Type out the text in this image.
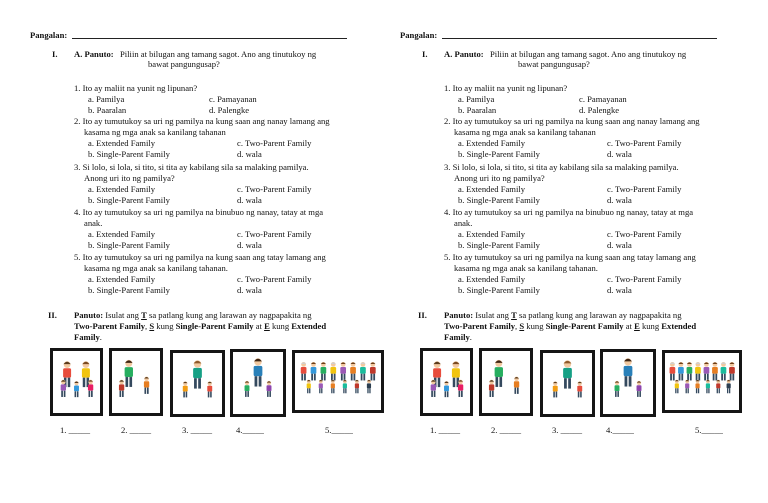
Pangalan:
I. A. Panuto: Piliin at bilugan ang tamang sagot. Ano ang tinutukoy ng
bawat pangungusap?
1. Ito ay maliit na yunit ng lipunan?
a. Pamilya	c. Pamayanan
b. Paaralan	d. Palengke
2. Ito ay tumutukoy sa uri ng pamilya na kung saan ang nanay lamang ang
kasama ng mga anak sa kanilang tahanan
a. Extended Family	c. Two-Parent Family
b. Single-Parent Family	d. wala
3. Si lolo, si lola, si tito, si tita ay kabilang sila sa malaking pamilya.
Anong uri ito ng pamilya?
a. Extended Family	c. Two-Parent Family
b. Single-Parent Family	d. wala
4. Ito ay tumutukoy sa uri ng pamilya na binubuo ng nanay, tatay at mga
anak.
a. Extended Family	c. Two-Parent Family
b. Single-Parent Family	d. wala
5. Ito ay tumutukoy sa uri ng pamilya na kung saan ang tatay lamang ang
kasama ng mga anak sa kanilang tahanan.
a. Extended Family	c. Two-Parent Family
b. Single-Parent Family	d. wala
II. Panuto: Isulat ang T sa patlang kung ang larawan ay nagpapakita ng
Two-Parent Family, S kung Single-Parent Family at E kung Extended
Family.
1. _____	2. _____	3. _____	4._____	5._____
Pangalan:
I. A. Panuto: Piliin at bilugan ang tamang sagot. Ano ang tinutukoy ng
bawat pangungusap?
1. Ito ay maliit na yunit ng lipunan?
a. Pamilya	c. Pamayanan
b. Paaralan	d. Palengke
2. Ito ay tumutukoy sa uri ng pamilya na kung saan ang nanay lamang ang
kasama ng mga anak sa kanilang tahanan
a. Extended Family	c. Two-Parent Family
b. Single-Parent Family	d. wala
3. Si lolo, si lola, si tito, si tita ay kabilang sila sa malaking pamilya.
Anong uri ito ng pamilya?
a. Extended Family	c. Two-Parent Family
b. Single-Parent Family	d. wala
4. Ito ay tumutukoy sa uri ng pamilya na binubuo ng nanay, tatay at mga
anak.
a. Extended Family	c. Two-Parent Family
b. Single-Parent Family	d. wala
5. Ito ay tumutukoy sa uri ng pamilya na kung saan ang tatay lamang ang
kasama ng mga anak sa kanilang tahanan.
a. Extended Family	c. Two-Parent Family
b. Single-Parent Family	d. wala
II. Panuto: Isulat ang T sa patlang kung ang larawan ay nagpapakita ng
Two-Parent Family, S kung Single-Parent Family at E kung Extended
Family.
1. _____	2. _____	3. _____	4._____	5._____
